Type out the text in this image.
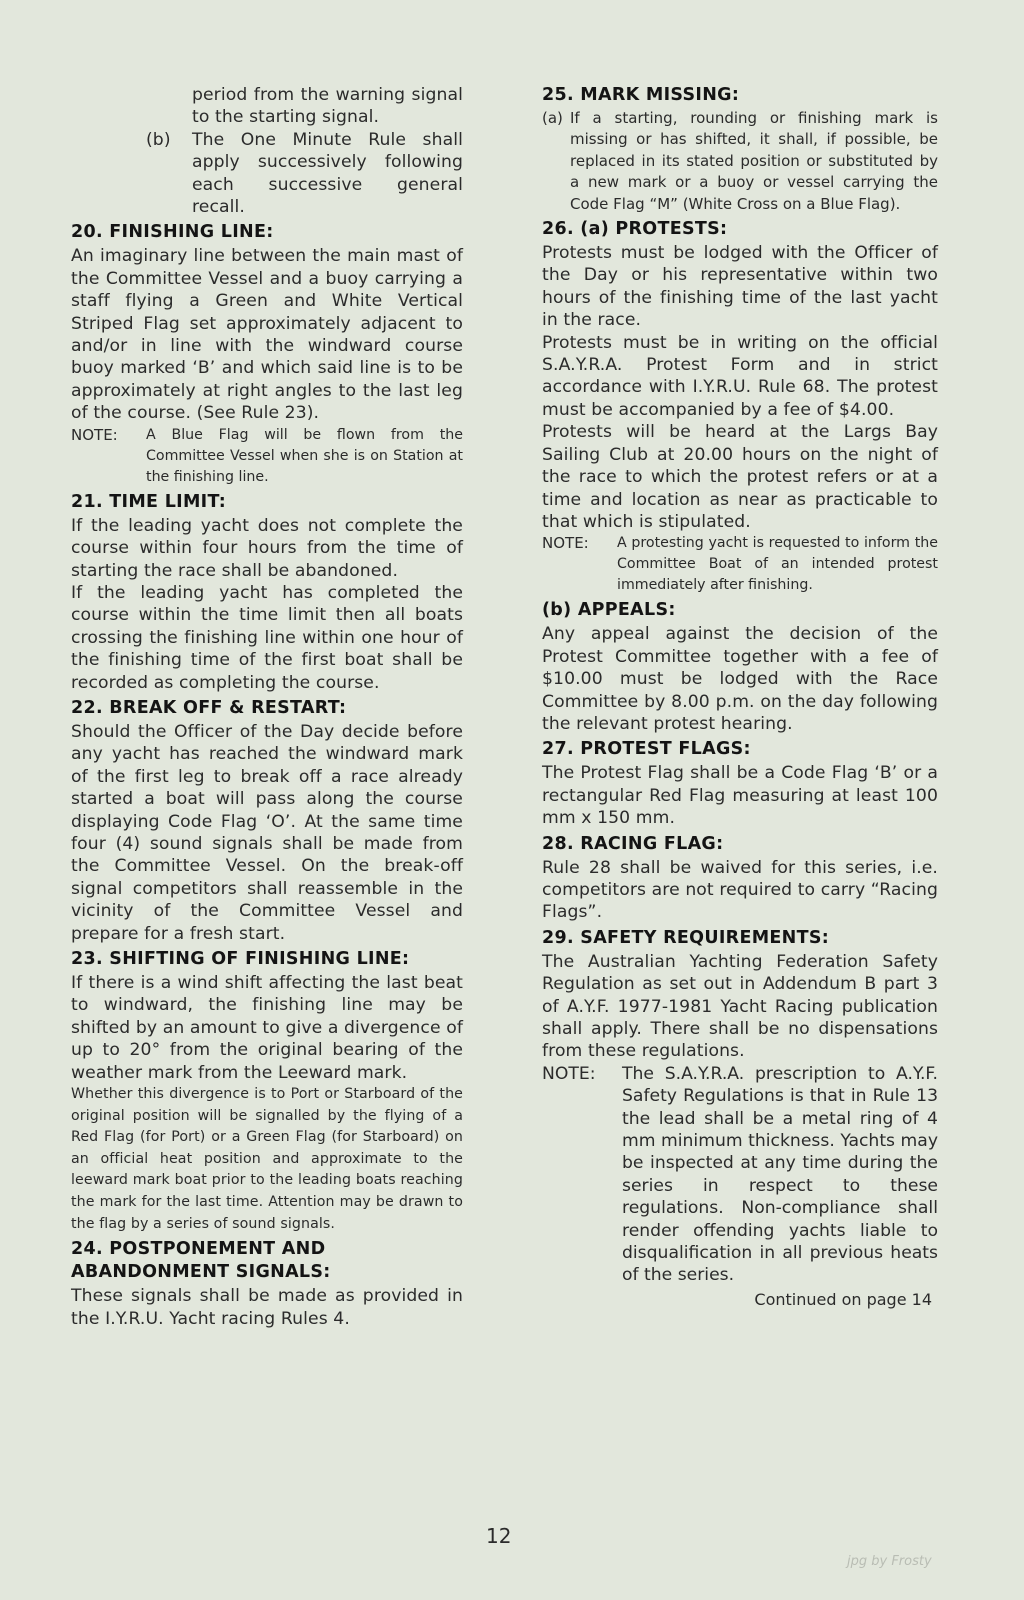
period from the warning signal to the starting signal.

(b)	The One Minute Rule shall apply successively following each successive general recall.

20. FINISHING LINE:

An imaginary line between the main mast of the Committee Vessel and a buoy carrying a staff flying a Green and White Vertical Striped Flag set approximately adjacent to and/or in line with the windward course buoy marked ‘B’ and which said line is to be approximately at right angles to the last leg of the course. (See Rule 23).

NOTE:	A Blue Flag will be flown from the Committee Vessel when she is on Station at the finishing line.
21. TIME LIMIT:

If the leading yacht does not complete the course within four hours from the time of starting the race shall be abandoned.

If the leading yacht has completed the course within the time limit then all boats crossing the finishing line within one hour of the finishing time of the first boat shall be recorded as completing the course.

22. BREAK OFF & RESTART:

Should the Officer of the Day decide before any yacht has reached the windward mark of the first leg to break off a race already started a boat will pass along the course displaying Code Flag ‘O’. At the same time four (4) sound signals shall be made from the Committee Vessel. On the break-off signal competitors shall reassemble in the vicinity of the Committee Vessel and prepare for a fresh start.

23. SHIFTING OF FINISHING LINE:

If there is a wind shift affecting the last beat to windward, the finishing line may be shifted by an amount to give a divergence of up to 20° from the original bearing of the weather mark from the Leeward mark.

Whether this divergence is to Port or Starboard of the original position will be signalled by the flying of a Red Flag (for Port) or a Green Flag (for Starboard) on an official heat position and approximate to the leeward mark boat prior to the leading boats reaching the mark for the last time. Attention may be drawn to the flag by a series of sound signals.

24. POSTPONEMENT AND
ABANDONMENT SIGNALS:

These signals shall be made as provided in the I.Y.R.U. Yacht racing Rules 4.

25. MARK MISSING:
(a) If a starting, rounding or finishing mark is missing or has shifted, it shall, if possible, be replaced in its stated position or substituted by a new mark or a buoy or vessel carrying the Code Flag “M” (White Cross on a Blue Flag).
26. (a) PROTESTS:

Protests must be lodged with the Officer of the Day or his representative within two hours of the finishing time of the last yacht in the race.

Protests must be in writing on the official S.A.Y.R.A. Protest Form and in strict accordance with I.Y.R.U. Rule 68. The protest must be accompanied by a fee of $4.00.

Protests will be heard at the Largs Bay Sailing Club at 20.00 hours on the night of the race to which the protest refers or at a time and location as near as practicable to that which is stipulated.

NOTE:	A protesting yacht is requested to inform the Committee Boat of an intended protest immediately after finishing.
(b) APPEALS:

Any appeal against the decision of the Protest Committee together with a fee of $10.00 must be lodged with the Race Committee by 8.00 p.m. on the day following the relevant protest hearing.

27. PROTEST FLAGS:

The Protest Flag shall be a Code Flag ‘B’ or a rectangular Red Flag measuring at least 100 mm x 150 mm.

28. RACING FLAG:

Rule 28 shall be waived for this series, i.e. competitors are not required to carry “Racing Flags”.

29. SAFETY REQUIREMENTS:

The Australian Yachting Federation Safety Regulation as set out in Addendum B part 3 of A.Y.F. 1977-1981 Yacht Racing publication shall apply. There shall be no dispensations from these regulations.

NOTE:	The S.A.Y.R.A. prescription to A.Y.F. Safety Regulations is that in Rule 13 the lead shall be a metal ring of 4 mm minimum thickness. Yachts may be inspected at any time during the series in respect to these regulations. Non-compliance shall render offending yachts liable to disqualification in all previous heats of the series.
Continued on page 14
12
jpg by Frosty
